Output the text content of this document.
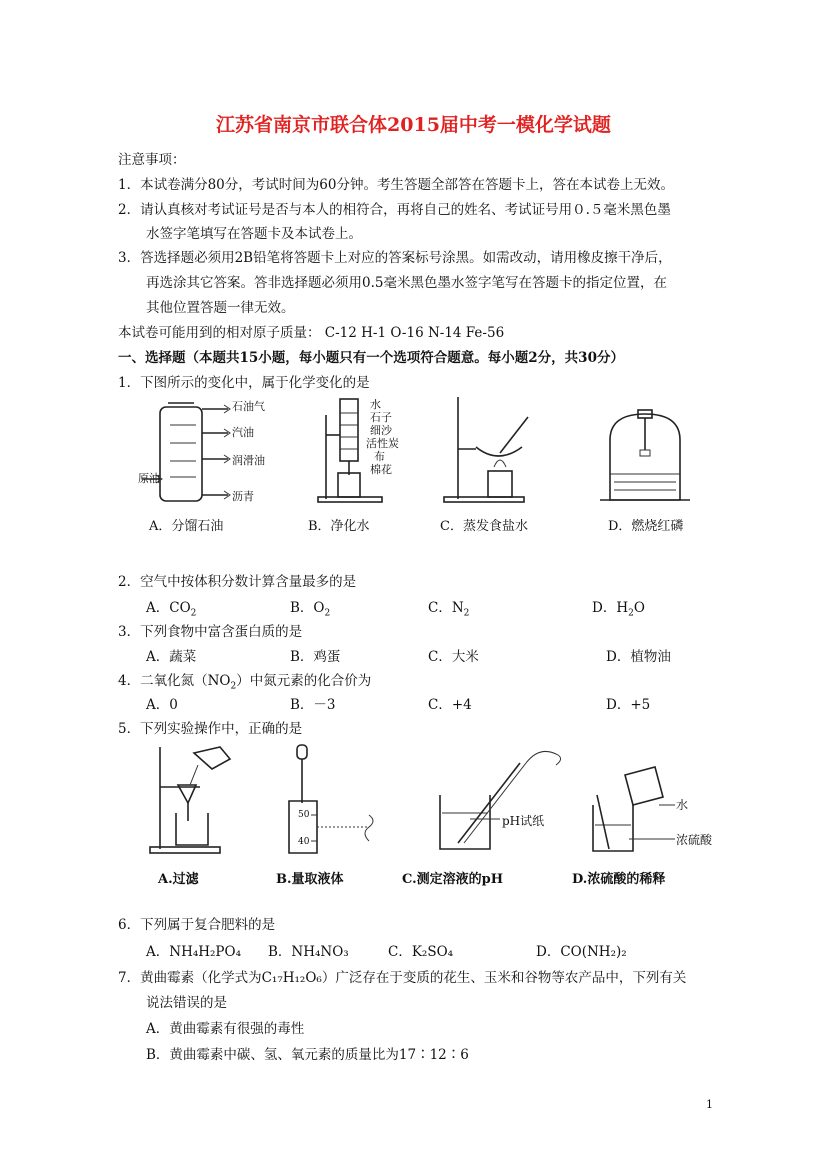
江苏省南京市联合体2015届中考一模化学试题
注意事项：
1．本试卷满分80分，考试时间为60分钟。考生答题全部答在答题卡上，答在本试卷上无效。
2．请认真核对考试证号是否与本人的相符合，再将自己的姓名、考试证号用０.５毫米黑色墨
水签字笔填写在答题卡及本试卷上。
3．答选择题必须用2B铅笔将答题卡上对应的答案标号涂黑。如需改动，请用橡皮擦干净后，
再选涂其它答案。答非选择题必须用0.5毫米黑色墨水签字笔写在答题卡的指定位置，在
其他位置答题一律无效。
本试卷可能用到的相对原子质量： C-12 H-1 O-16 N-14 Fe-56
一、选择题（本题共15小题，每小题只有一个选项符合题意。每小题2分，共30分）
1．下图所示的变化中，属于化学变化的是
石油气
汽油
润滑油
原油
沥青
水
石子
细沙
活性炭
布
棉花
A．分馏石油	B．净化水	C．蒸发食盐水	D．燃烧红磷
2．空气中按体积分数计算含量最多的是
A．$CO_2$	B．$O_2$	C．$N_2$	D．$H_2O$
3．下列食物中富含蛋白质的是
A．蔬菜	B．鸡蛋	C．大米	D．植物油
4．二氧化氮$(NO_2)$中氮元素的化合价为
A．0	B．－3	C．+4	D．+5
5．下列实验操作中，正确的是
50
40
pH试纸
水
浓硫酸
A.过滤	B.量取液体	C.测定溶液的pH	D.浓硫酸的稀释
6．下列属于复合肥料的是
A．NH₄H₂PO₄ B．NH₄NO₃	C．K₂SO₄	D．CO(NH₂)₂
7．黄曲霉素（化学式为C₁₇H₁₂O₆）广泛存在于变质的花生、玉米和谷物等农产品中，下列有关
说法错误的是
A．黄曲霉素有很强的毒性
B．黄曲霉素中碳、氢、氧元素的质量比为17∶12∶6
1
